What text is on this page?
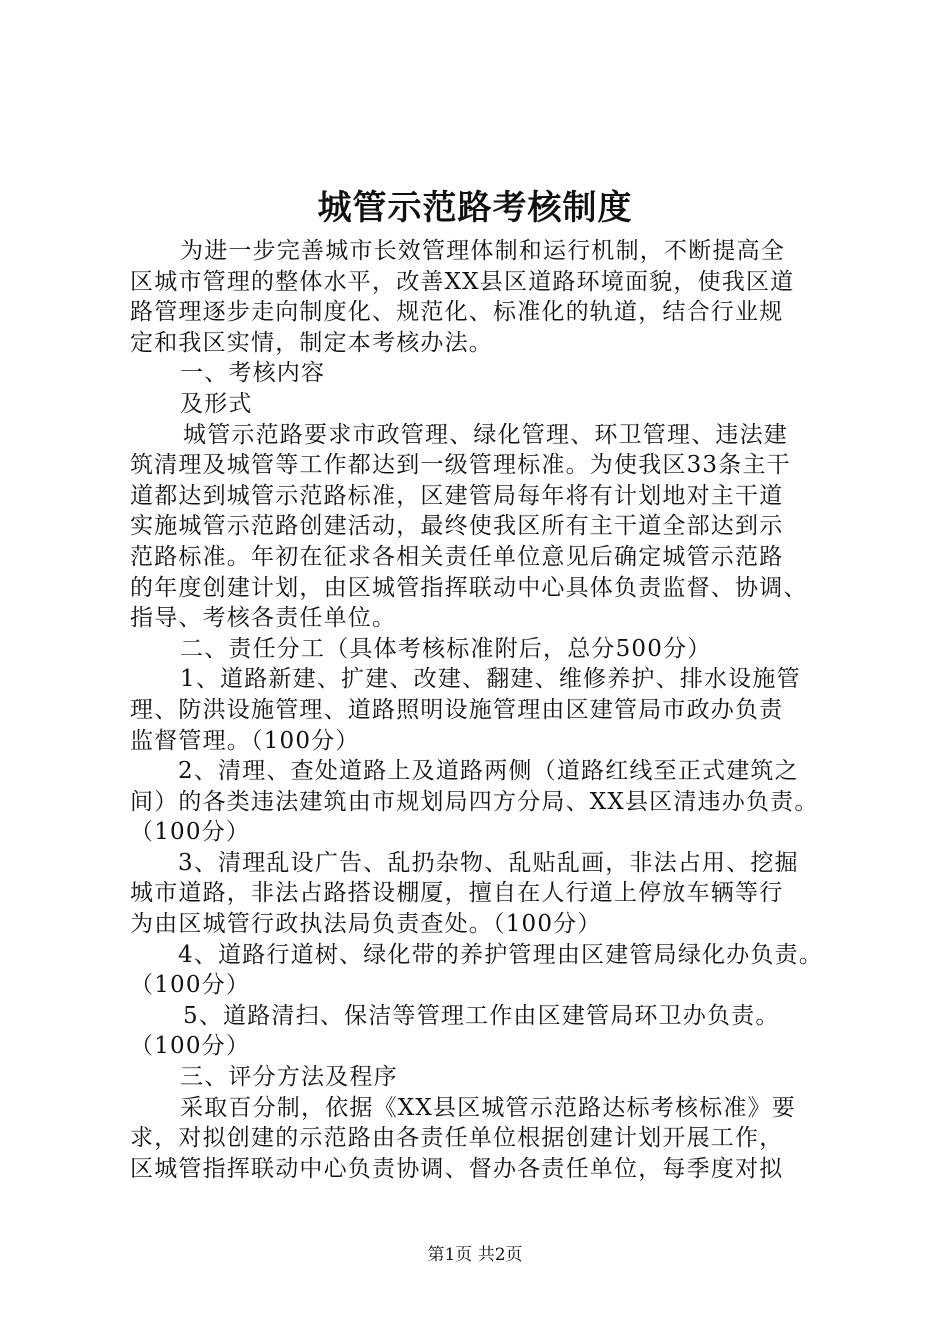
城管示范路考核制度
为进一步完善城市长效管理体制和运行机制，不断提高全
区城市管理的整体水平，改善XX县区道路环境面貌，使我区道
路管理逐步走向制度化、规范化、标准化的轨道，结合行业规
定和我区实情，制定本考核办法。
一、考核内容
及形式
城管示范路要求市政管理、绿化管理、环卫管理、违法建
筑清理及城管等工作都达到一级管理标准。为使我区33条主干
道都达到城管示范路标准，区建管局每年将有计划地对主干道
实施城管示范路创建活动，最终使我区所有主干道全部达到示
范路标准。年初在征求各相关责任单位意见后确定城管示范路
的年度创建计划，由区城管指挥联动中心具体负责监督、协调、
指导、考核各责任单位。
二、责任分工（具体考核标准附后，总分500分）
1、道路新建、扩建、改建、翻建、维修养护、排水设施管
理、防洪设施管理、道路照明设施管理由区建管局市政办负责
监督管理。（100分）
2、清理、查处道路上及道路两侧（道路红线至正式建筑之
间）的各类违法建筑由市规划局四方分局、XX县区清违办负责。
（100分）
3、清理乱设广告、乱扔杂物、乱贴乱画，非法占用、挖掘
城市道路，非法占路搭设棚厦，擅自在人行道上停放车辆等行
为由区城管行政执法局负责查处。（100分）
4、道路行道树、绿化带的养护管理由区建管局绿化办负责。
（100分）
5、道路清扫、保洁等管理工作由区建管局环卫办负责。
（100分）
三、评分方法及程序
采取百分制，依据《XX县区城管示范路达标考核标准》要
求，对拟创建的示范路由各责任单位根据创建计划开展工作，
区城管指挥联动中心负责协调、督办各责任单位，每季度对拟
第1页 共2页
